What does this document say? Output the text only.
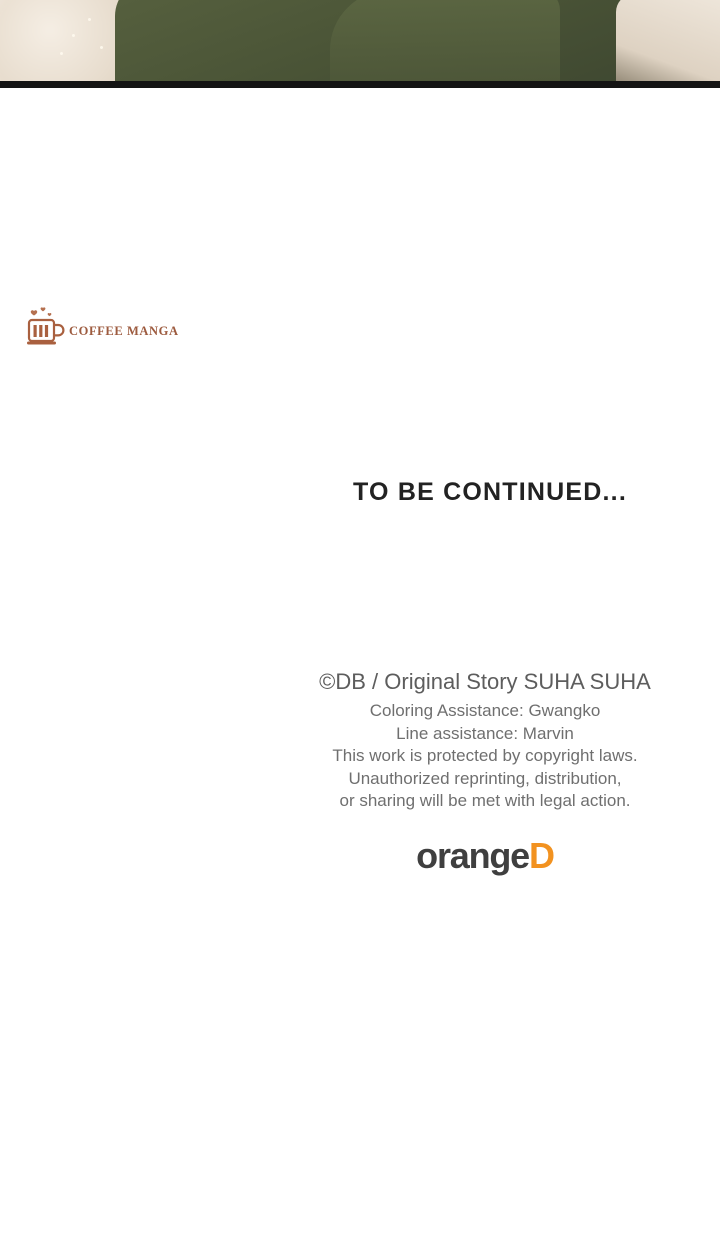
COFFEE MANGA
TO BE CONTINUED...
©DB / Original Story SUHA SUHA
Coloring Assistance: Gwangko
Line assistance: Marvin
This work is protected by copyright laws.
Unauthorized reprinting, distribution,
or sharing will be met with legal action.
orangeD
